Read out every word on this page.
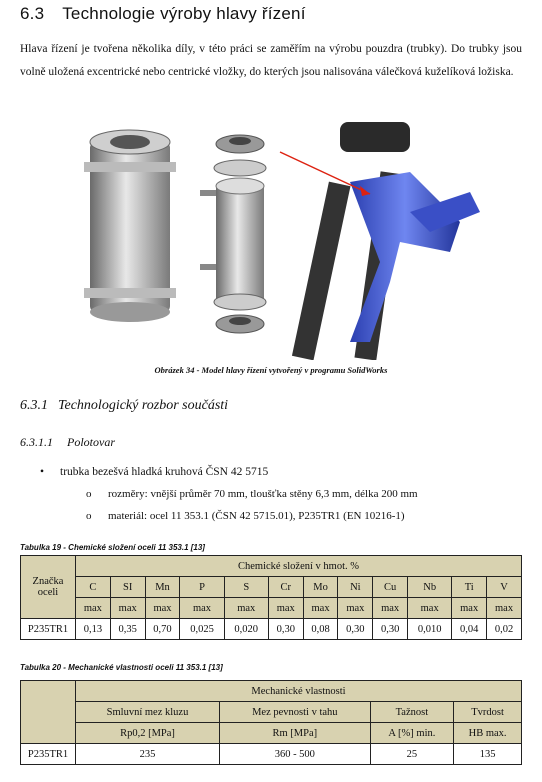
6.3 Technologie výroby hlavy řízení
Hlava řízení je tvořena několika díly, v této práci se zaměřím na výrobu pouzdra (trubky). Do trubky jsou volně uložená excentrické nebo centrické vložky, do kterých jsou nalisována válečková kuželíková ložiska.
Obrázek 34 - Model hlavy řízení vytvořený v programu SolidWorks
6.3.1 Technologický rozbor součásti
6.3.1.1 Polotovar
• trubka bezešvá hladká kruhová ČSN 42 5715
o rozměry: vnější průměr 70 mm, tloušťka stěny 6,3 mm, délka 200 mm
o materiál: ocel 11 353.1 (ČSN 42 5715.01), P235TR1 (EN 10216-1)
Tabulka 19 - Chemické složení oceli 11 353.1 [13]
Značka
oceli	Chemické složení v hmot. %											
	C	SI	Mn	P	S	Cr	Mo	Ni	Cu	Nb	Ti	V
	max	max	max	max	max	max	max	max	max	max	max	max
P235TR1	0,13	0,35	0,70	0,025	0,020	0,30	0,08	0,30	0,30	0,010	0,04	0,02
Tabulka 20 - Mechanické vlastnosti oceli 11 353.1 [13]
	Mechanické vlastnosti			
	Smluvní mez kluzu	Mez pevnosti v tahu	Tažnost	Tvrdost
	Rp0,2 [MPa]	Rm [MPa]	A [%] min.	HB max.
P235TR1	235	360 - 500	25	135
